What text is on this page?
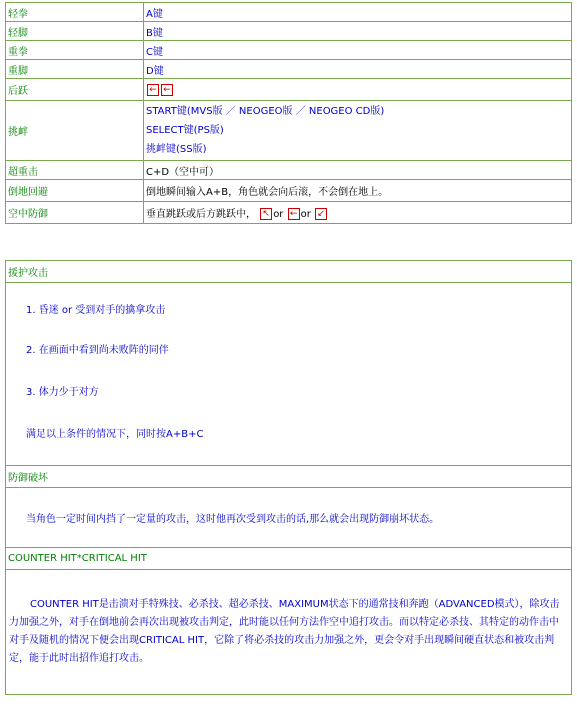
轻拳	A键
轻脚	B键
重拳	C键
重脚	D键
后跃	← ←
挑衅	START键(MVS版 ／ NEOGEO版 ／ NEOGEO CD版)
SELECT键(PS版)
挑衅键(SS版)

超重击	C+D（空中可）
倒地回避	倒地瞬间输入A+B，角色就会向后滚，不会倒在地上。
空中防御	垂直跳跃或后方跳跃中， ↖ or ← or ↙
援护攻击

1. 昏迷 or 受到对手的擒拿攻击
2. 在画面中看到尚未败阵的同伴
3. 体力少于对方
满足以上条件的情况下，同时按A+B+C

防御破坏
当角色一定时间内挡了一定量的攻击，这时他再次受到攻击的话,那么就会出现防御崩坏状态。
COUNTER HIT*CRITICAL HIT
COUNTER HIT是击溃对手特殊技、必杀技、超必杀技、MAXIMUM状态下的通常技和奔跑（ADVANCED模式），除攻击力加强之外，对手在倒地前会再次出现被攻击判定，此时能以任何方法作空中追打攻击。而以特定必杀技、其特定的动作击中对手及随机的情况下便会出现CRITICAL HIT，它除了将必杀技的攻击力加强之外，更会令对手出现瞬间硬直状态和被攻击判定，能于此时出招作追打攻击。
